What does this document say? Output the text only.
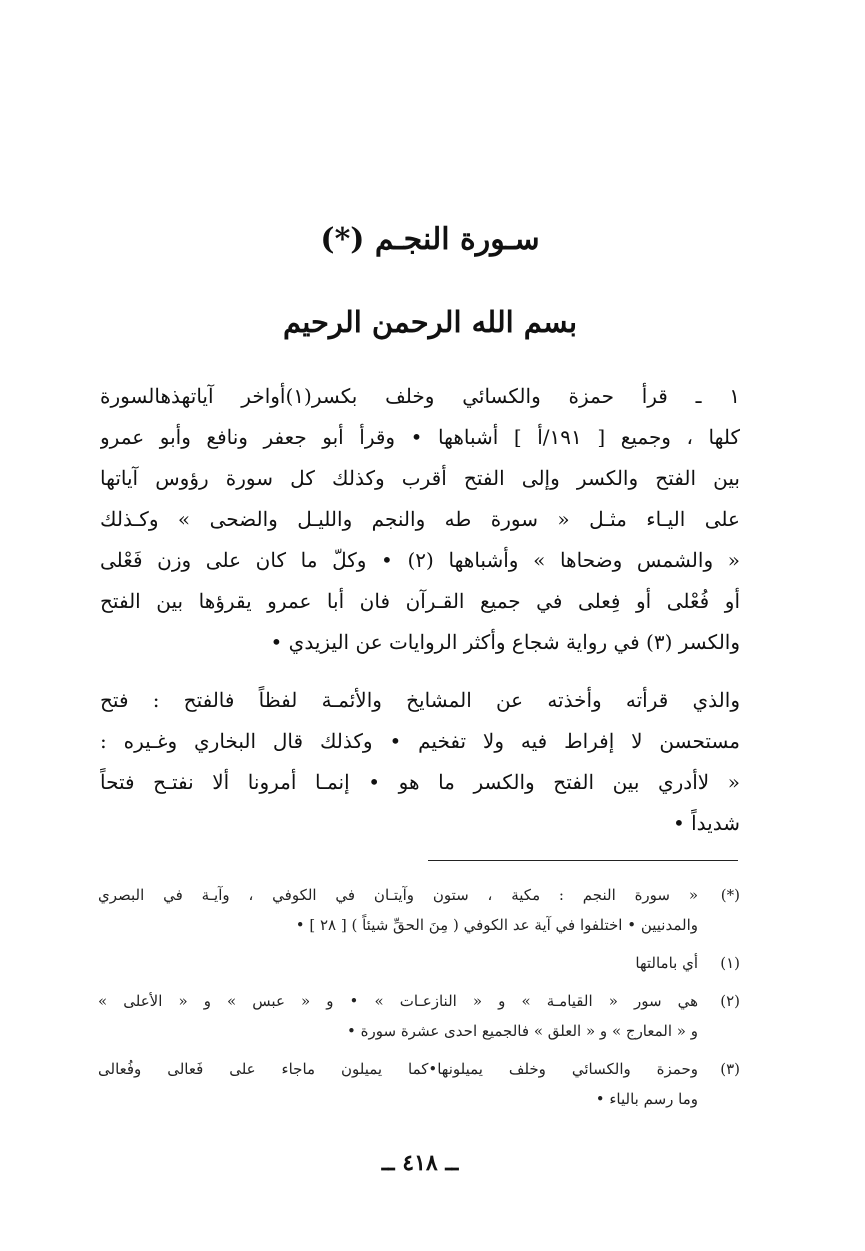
سـورة النجـم (*)
بسم الله الرحمن الرحيم
١ ـ قرأ حمزة والكسائي وخلف بكسر(١)أواخر آياتهذهالسورة
كلها ، وجميع [ ١٩١/أ ] أشباهها • وقرأ أبو جعفر ونافع وأبو عمرو
بين الفتح والكسر وإلى الفتح أقرب وكذلك كل سورة رؤوس آياتها
على اليـاء مثـل « سورة طه والنجم والليـل والضحى » وكـذلك
« والشمس وضحاها » وأشباهها (٢) • وكلّ ما كان على وزن فَعْلى
أو فُعْلى أو فِعلى في جميع القـرآن فان أبا عمرو يقرؤها بين الفتح
والكسر (٣) في رواية شجاع وأكثر الروايات عن اليزيدي •
والذي قرأته وأخذته عن المشايخ والأئمـة لفظاً فالفتح : فتح
مستحسن لا إفراط فيه ولا تفخيم • وكذلك قال البخاري وغـيره :
« لاأدري بين الفتح والكسر ما هو • إنمـا أمرونا ألا نفتـح فتحاً
شديداً •
(*)
« سورة النجم : مكية ، ستون وآيتـان في الكوفي ، وآيـة في البصري
والمدنيين • اختلفوا في آية عد الكوفي ( مِنَ الحقِّ شيئاً ) [ ٢٨ ] •
(١)
أي بامالتها
(٢)
هي سور « القيامـة » و « النازعـات » • و « عبس » و « الأعلى »
و « المعارج » و « العلق » فالجميع احدى عشرة سورة •
(٣)
وحمزة والكسائي وخلف يميلونها•كما يميلون ماجاء على فَعالى وفُعالى
وما رسم بالياء •
ــ ٤١٨ ــ
